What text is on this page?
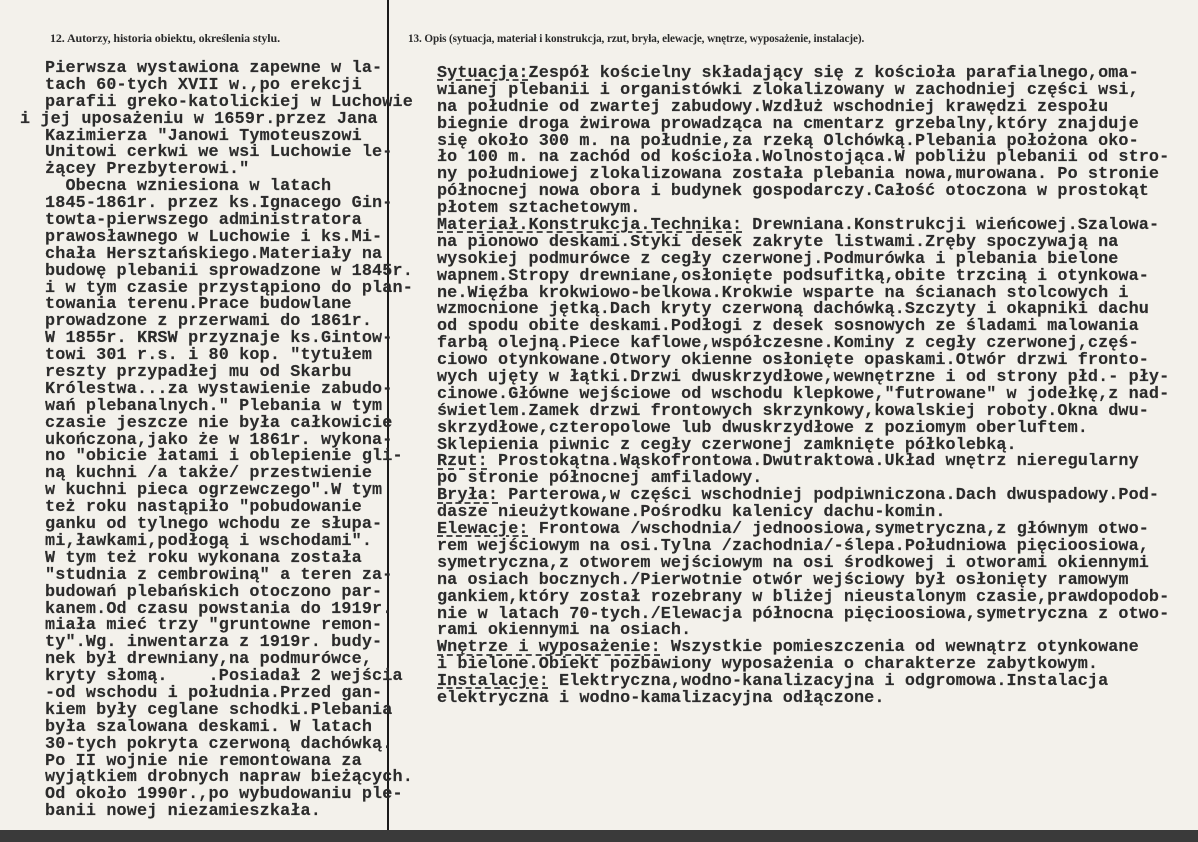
12. Autorzy, historia obiektu, określenia stylu.	13. Opis (sytuacja, materiał i konstrukcja, rzut, bryła, elewacje, wnętrze, wyposażenie, instalacje).
Pierwsza wystawiona zapewne w la-
tach 60-tych XVII w.,po erekcji
parafii greko-katolickiej w Luchowie
i jej uposażeniu w 1659r.przez Jana
Kazimierza "Janowi Tymoteuszowi
Unitowi cerkwi we wsi Luchowie le-
żącey Prezbyterowi."
Obecna wzniesiona w latach
1845-1861r. przez ks.Ignacego Gin-
towta-pierwszego administratora
prawosławnego w Luchowie i ks.Mi-
chała Hersztańskiego.Materiały na
budowę plebanii sprowadzone w 1845r.
i w tym czasie przystąpiono do plan-
towania terenu.Prace budowlane
prowadzone z przerwami do 1861r.
W 1855r. KRSW przyznaje ks.Gintow-
towi 301 r.s. i 80 kop. "tytułem
reszty przypadłej mu od Skarbu
Królestwa...za wystawienie zabudo-
wań plebanalnych." Plebania w tym
czasie jeszcze nie była całkowicie
ukończona,jako że w 1861r. wykona-
no "obicie łatami i oblepienie gli-
ną kuchni /a także/ przestwienie
w kuchni pieca ogrzewczego".W tym
też roku nastąpiło "pobudowanie
ganku od tylnego wchodu ze słupa-
mi,ławkami,podłogą i wschodami".
W tym też roku wykonana została
"studnia z cembrowiną" a teren za-
budowań plebańskich otoczono par-
kanem.Od czasu powstania do 1919r.
miała mieć trzy "gruntowne remon-
ty".Wg. inwentarza z 1919r. budy-
nek był drewniany,na podmurówce,
kryty słomą.    .Posiadał 2 wejścia
-od wschodu i południa.Przed gan-
kiem były ceglane schodki.Plebania
była szalowana deskami. W latach
30-tych pokryta czerwoną dachówką.
Po II wojnie nie remontowana za
wyjątkiem drobnych napraw bieżących.
Od około 1990r.,po wybudowaniu ple-
banii nowej niezamieszkała.
Sytuacja:Zespół kościelny składający się z kościoła parafialnego,oma-
wianej plebanii i organistówki zlokalizowany w zachodniej części wsi,
na południe od zwartej zabudowy.Wzdłuż wschodniej krawędzi zespołu
biegnie droga żwirowa prowadząca na cmentarz grzebalny,który znajduje
się około 300 m. na południe,za rzeką Olchówką.Plebania położona oko-
ło 100 m. na zachód od kościoła.Wolnostojąca.W pobliżu plebanii od stro-
ny południowej zlokalizowana została plebania nowa,murowana. Po stronie
północnej nowa obora i budynek gospodarczy.Całość otoczona w prostokąt
płotem sztachetowym.
Materiał.Konstrukcja.Technika: Drewniana.Konstrukcji wieńcowej.Szalowa-
na pionowo deskami.Styki desek zakryte listwami.Zręby spoczywają na
wysokiej podmurówce z cegły czerwonej.Podmurówka i plebania bielone
wapnem.Stropy drewniane,osłonięte podsufitką,obite trzciną i otynkowa-
ne.Więźba krokwiowo-belkowa.Krokwie wsparte na ścianach stolcowych i
wzmocnione jętką.Dach kryty czerwoną dachówką.Szczyty i okapniki dachu
od spodu obite deskami.Podłogi z desek sosnowych ze śladami malowania
farbą olejną.Piece kaflowe,współczesne.Kominy z cegły czerwonej,częś-
ciowo otynkowane.Otwory okienne osłonięte opaskami.Otwór drzwi fronto-
wych ujęty w łątki.Drzwi dwuskrzydłowe,wewnętrzne i od strony płd.- pły-
cinowe.Główne wejściowe od wschodu klepkowe,"futrowane" w jodełkę,z nad-
świetlem.Zamek drzwi frontowych skrzynkowy,kowalskiej roboty.Okna dwu-
skrzydłowe,czteropolowe lub dwuskrzydłowe z poziomym oberluftem.
Sklepienia piwnic z cegły czerwonej zamknięte półkolebką.
Rzut: Prostokątna.Wąskofrontowa.Dwutraktowa.Układ wnętrz nieregularny
po stronie północnej amfiladowy.
Bryła: Parterowa,w części wschodniej podpiwniczona.Dach dwuspadowy.Pod-
dasze nieużytkowane.Pośrodku kalenicy dachu-komin.
Elewacje: Frontowa /wschodnia/ jednoosiowa,symetryczna,z głównym otwo-
rem wejściowym na osi.Tylna /zachodnia/-ślepa.Południowa pięcioosiowa,
symetryczna,z otworem wejściowym na osi środkowej i otworami okiennymi
na osiach bocznych./Pierwotnie otwór wejściowy był osłonięty ramowym
gankiem,który został rozebrany w bliżej nieustalonym czasie,prawdopodob-
nie w latach 70-tych./Elewacja północna pięcioosiowa,symetryczna z otwo-
rami okiennymi na osiach.
Wnętrze i wyposażenie: Wszystkie pomieszczenia od wewnątrz otynkowane
i bielone.Obiekt pozbawiony wyposażenia o charakterze zabytkowym.
Instalacje: Elektryczna,wodno-kanalizacyjna i odgromowa.Instalacja
elektryczna i wodno-kamalizacyjna odłączone.
